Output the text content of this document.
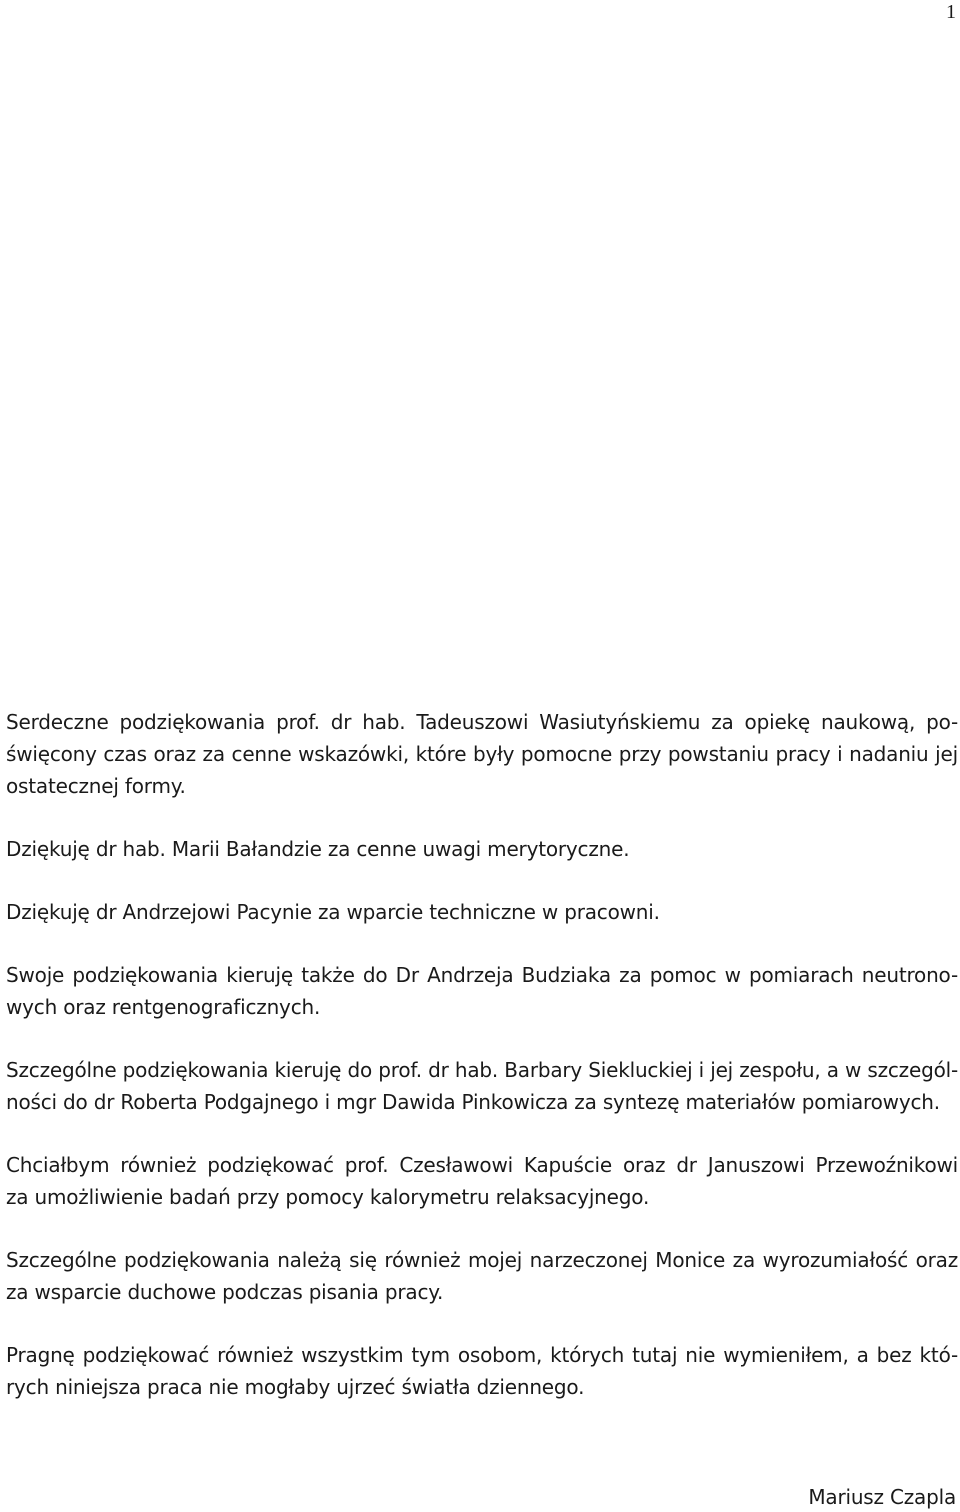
1

Serdeczne podziękowania prof. dr hab. Tadeuszowi Wasiutyńskiemu za opiekę naukową, po-
święcony czas oraz za cenne wskazówki, które były pomocne przy powstaniu pracy i nadaniu jej
ostatecznej formy.

Dziękuję dr hab. Marii Bałandzie za cenne uwagi merytoryczne.

Dziękuję dr Andrzejowi Pacynie za wparcie techniczne w pracowni.

Swoje podziękowania kieruję także do Dr Andrzeja Budziaka za pomoc w pomiarach neutrono-
wych oraz rentgenograficznych.

Szczególne podziękowania kieruję do prof. dr hab. Barbary Siekluckiej i jej zespołu, a w szczegól-
ności do dr Roberta Podgajnego i mgr Dawida Pinkowicza za syntezę materiałów pomiarowych.

Chciałbym również podziękować prof. Czesławowi Kapuście oraz dr Januszowi Przewoźnikowi
za umożliwienie badań przy pomocy kalorymetru relaksacyjnego.

Szczególne podziękowania należą się również mojej narzeczonej Monice za wyrozumiałość oraz
za wsparcie duchowe podczas pisania pracy.

Pragnę podziękować również wszystkim tym osobom, których tutaj nie wymieniłem, a bez któ-
rych niniejsza praca nie mogłaby ujrzeć światła dziennego.

Mariusz Czapla
